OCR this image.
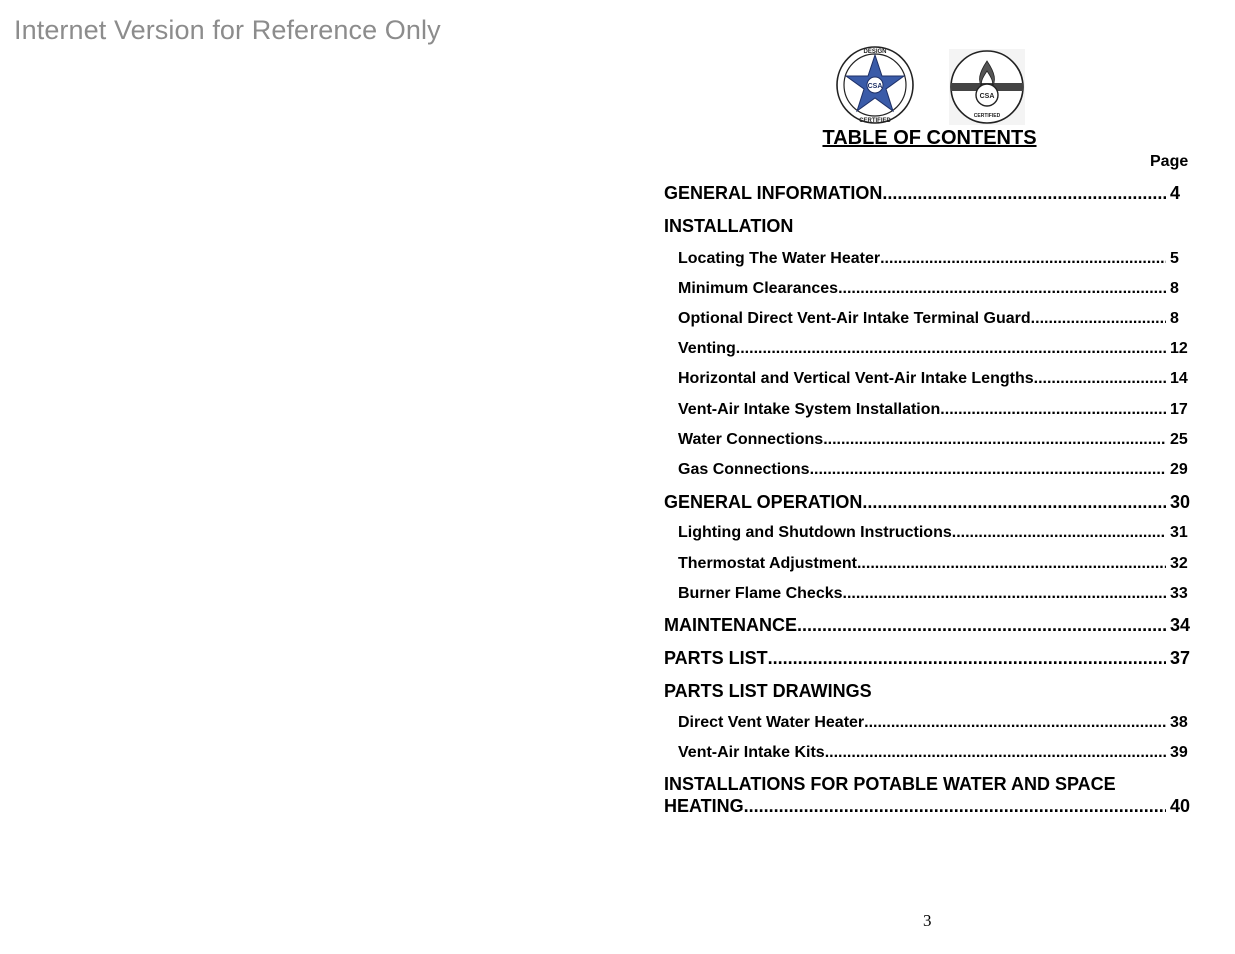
Internet Version for Reference Only
CSA
DESIGN
CERTIFIED
CSA
CERTIFIED
TABLE OF CONTENTS
Page
GENERAL INFORMATION .....	4
INSTALLATION
Locating The Water Heater .....	5
Minimum Clearances .....	8
Optional Direct Vent-Air Intake Terminal Guard .....	8
Venting .....	12
Horizontal and Vertical Vent-Air Intake Lengths .....	14
Vent-Air Intake System Installation .....	17
Water Connections .....	25
Gas Connections .....	29
GENERAL OPERATION .....	30
Lighting and Shutdown Instructions .....	31
Thermostat Adjustment .....	32
Burner Flame Checks .....	33
MAINTENANCE .....	34
PARTS LIST .....	37
PARTS LIST DRAWINGS
Direct Vent Water Heater .....	38
Vent-Air Intake Kits .....	39
INSTALLATIONS FOR POTABLE WATER AND SPACE
HEATING .....	40
3
